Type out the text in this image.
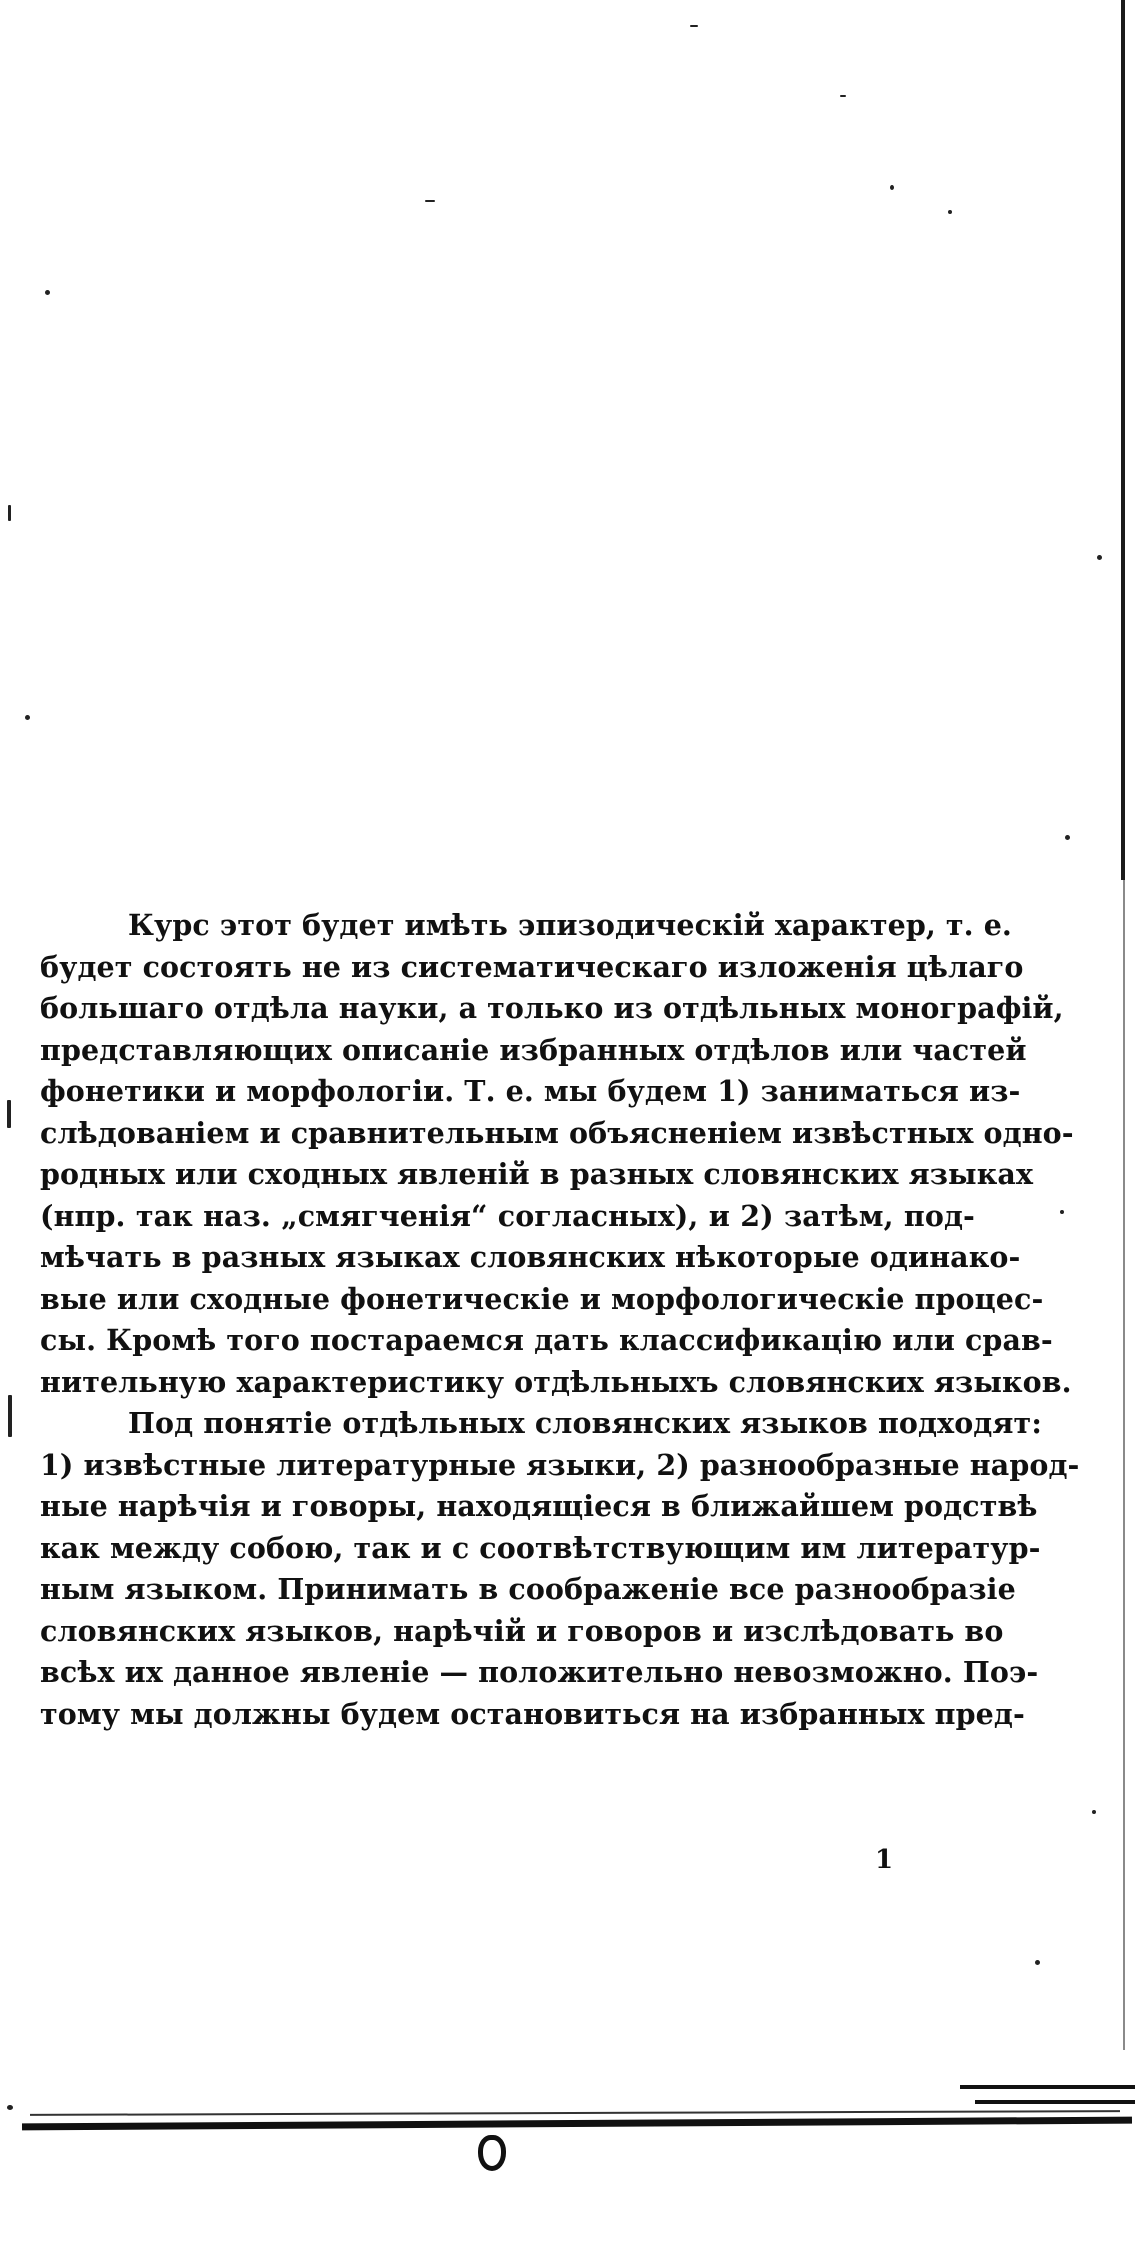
Курс этот будет имѣть эпизодическій характер, т. е.
будет состоять не из систематическаго изложенія цѣлаго
большаго отдѣла науки, а только из отдѣльных монографій,
представляющих описаніе избранных отдѣлов или частей
фонетики и морфологіи. Т. е. мы будем 1) заниматься из-
слѣдованіем и сравнительным объясненіем извѣстных одно-
родных или сходных явленій в разных словянских языках
(нпр. так наз. „смягченія“ согласных), и 2) затѣм, под-
мѣчать в разных языках словянских нѣкоторые одинако-
вые или сходные фонетическіе и морфологическіе процес-
сы. Кромѣ того постараемся дать классификацію или срав-
нительную характеристику отдѣльныхъ словянских языков.
Под понятіе отдѣльных словянских языков подходят:
1) извѣстные литературные языки, 2) разнообразные народ-
ные нарѣчія и говоры, находящіеся в ближайшем родствѣ
как между собою, так и с соотвѣтствующим им литератур-
ным языком. Принимать в соображеніе все разнообразіе
словянских языков, нарѣчій и говоров и изслѣдовать во
всѣх их данное явленіе — положительно невозможно. Поэ-
тому мы должны будем остановиться на избранных пред-
1
